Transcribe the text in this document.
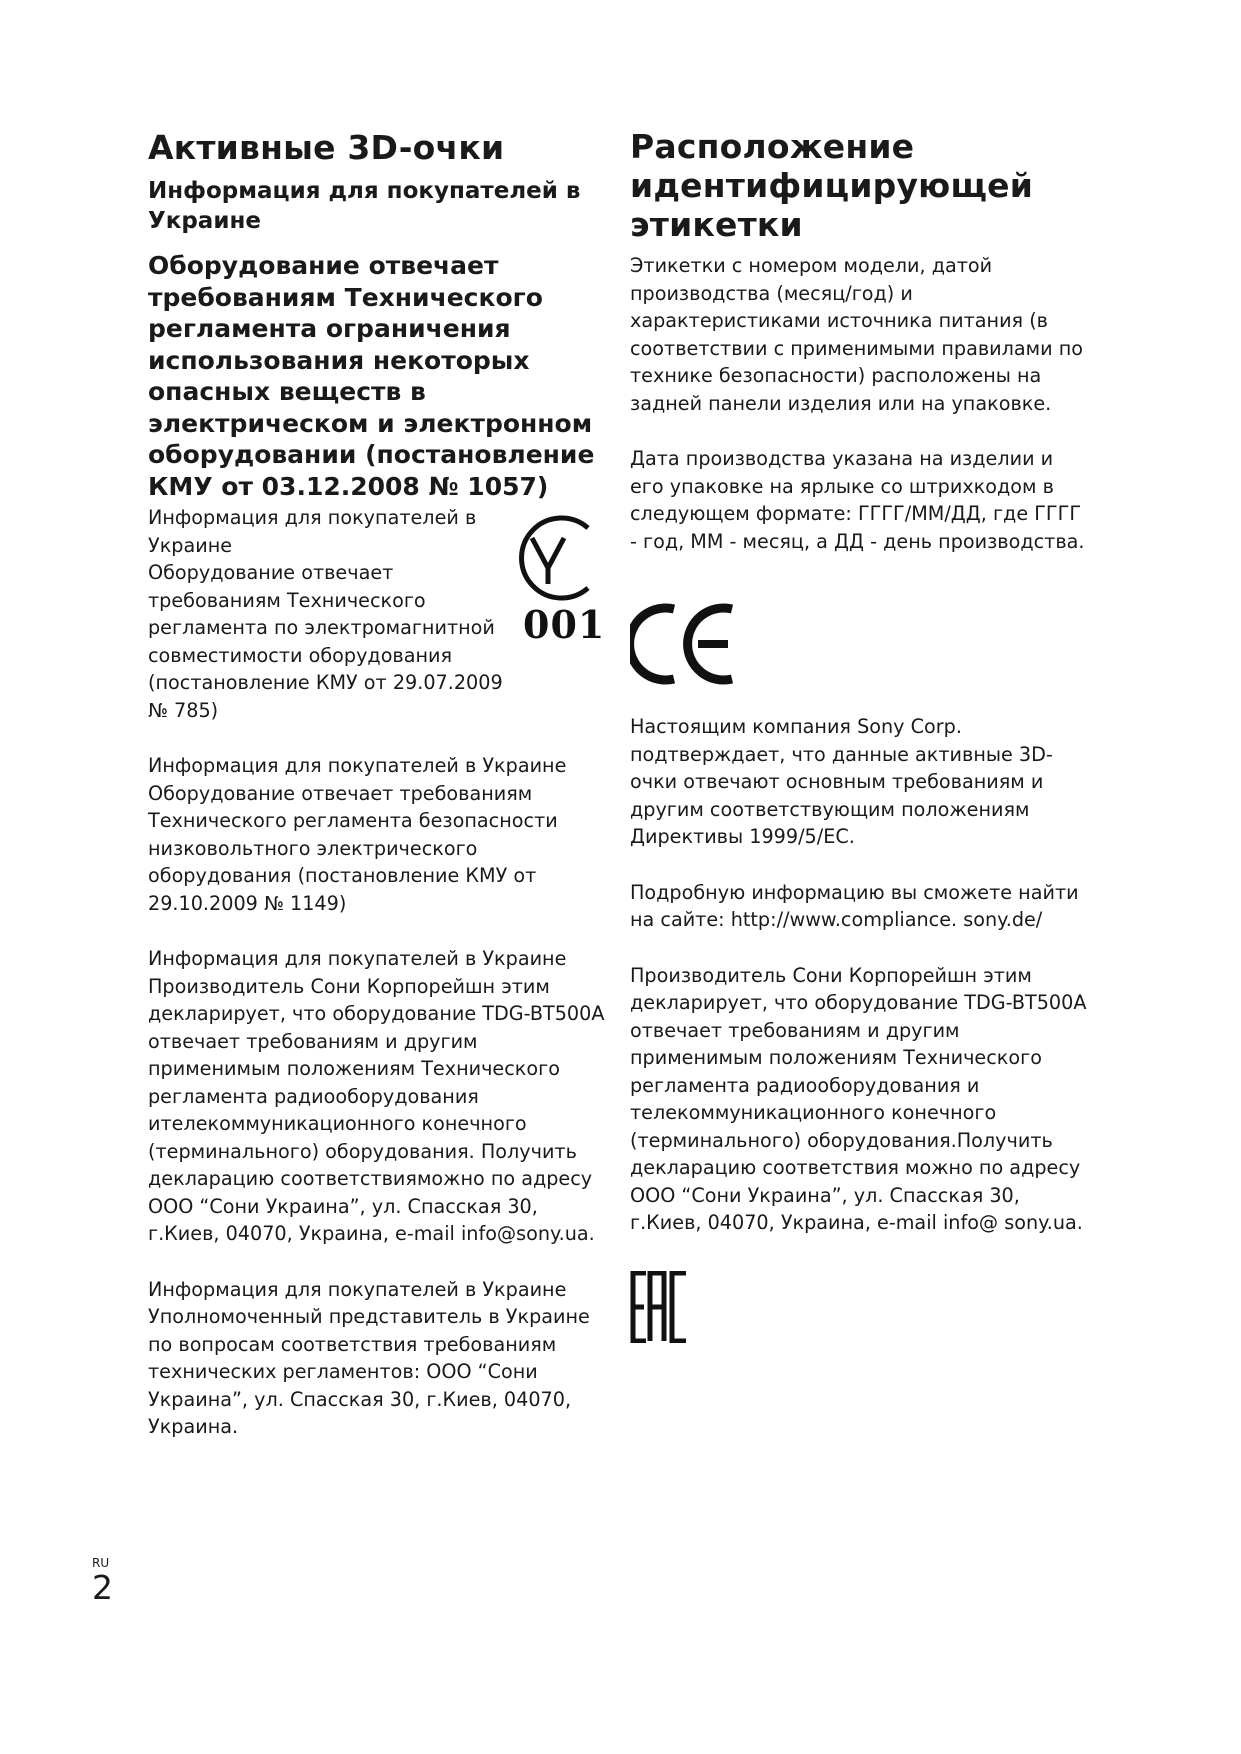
Активные 3D-очки
Информация для покупателей в Украине
Оборудование отвечает требованиям Технического регламента ограничения использования некоторых опасных веществ в электрическом и электронном оборудовании (постановление КМУ от 03.12.2008 № 1057)

Информация для покупателей в Украине
Оборудование отвечает требованиям Технического регламента по электромагнитной совместимости оборудования (постановление КМУ от 29.07.2009 № 785)

001

Информация для покупателей в Украине
Оборудование отвечает требованиям Технического регламента безопасности низковольтного электрического оборудования (постановление КМУ от 29.10.2009 № 1149)

Информация для покупателей в Украине
Производитель Сони Корпорейшн этим декларирует, что оборудование TDG-BT500A отвечает требованиям и другим применимым положениям Технического регламента радиооборудования ителекоммуникационного конечного (терминального) оборудования. Получить декларацию соответствияможно по адресу ООО “Сони Украина”, ул. Спасская 30, г.Киев, 04070, Украина, e-mail info@sony.ua.

Информация для покупателей в Украине
Уполномоченный представитель в Украине по вопросам соответствия требованиям технических регламентов: ООО “Сони Украина”, ул. Спасская 30, г.Киев, 04070, Украина.

Расположение идентифицирующей этикетки

Этикетки с номером модели, датой производства (месяц/год) и характеристиками источника питания (в соответствии с применимыми правилами по технике безопасности) расположены на задней панели изделия или на упаковке.

Дата производства указана на изделии и его упаковке на ярлыке со штрихкодом в следующем формате: ГГГГ/ММ/ДД, где ГГГГ - год, ММ - месяц, а ДД - день производства.

Настоящим компания Sony Corp. подтверждает, что данные активные 3D-очки отвечают основным требованиям и другим соответствующим положениям Директивы 1999/5/EC.

Подробную информацию вы сможете найти на сайте: http://www.compliance. sony.de/

Производитель Сони Корпорейшн этим декларирует, что оборудование TDG-BT500A отвечает требованиям и другим применимым положениям Технического регламента радиооборудования и телекоммуникационного конечного (терминального) оборудования.Получить декларацию соответствия можно по адресу ООО “Сони Украина”, ул. Спасская 30, г.Киев, 04070, Украина, e-mail info@ sony.ua.

RU
2
